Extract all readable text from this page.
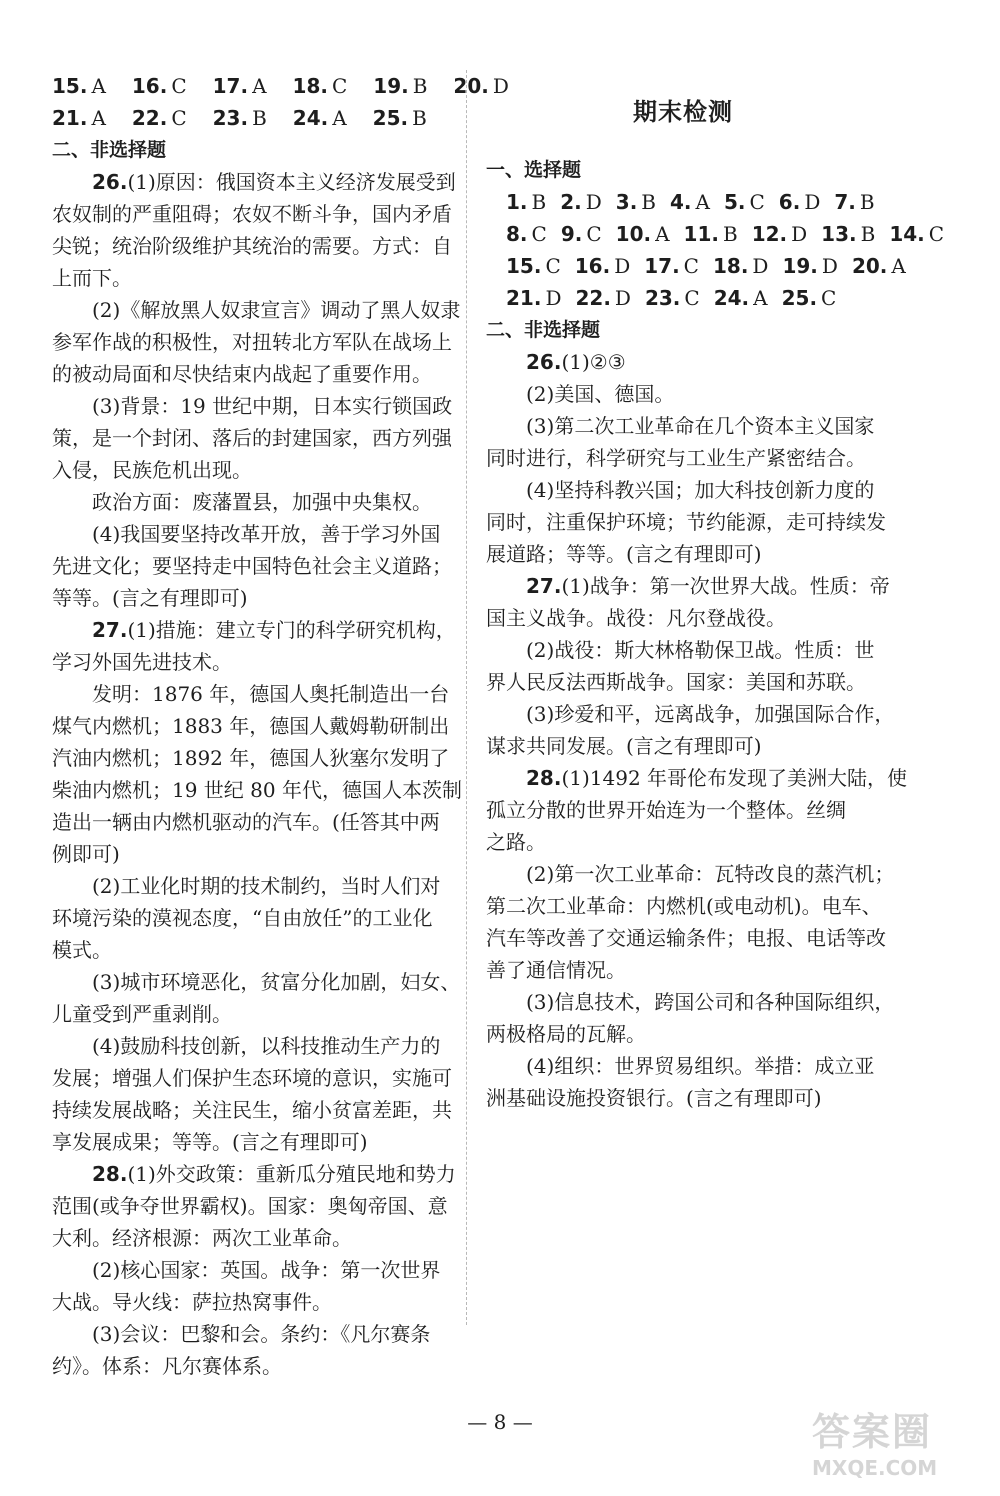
15. A 16. C 17. A 18. C 19. B 20. D
21. A 22. C 23. B 24. A 25. B
二、非选择题
26.(1)原因：俄国资本主义经济发展受到
农奴制的严重阻碍；农奴不断斗争，国内矛盾
尖锐；统治阶级维护其统治的需要。方式：自
上而下。
(2)《解放黑人奴隶宣言》调动了黑人奴隶
参军作战的积极性，对扭转北方军队在战场上
的被动局面和尽快结束内战起了重要作用。
(3)背景：19 世纪中期，日本实行锁国政
策，是一个封闭、落后的封建国家，西方列强
入侵，民族危机出现。
政治方面：废藩置县，加强中央集权。
(4)我国要坚持改革开放，善于学习外国
先进文化；要坚持走中国特色社会主义道路；
等等。(言之有理即可)
27.(1)措施：建立专门的科学研究机构，
学习外国先进技术。
发明：1876 年，德国人奥托制造出一台
煤气内燃机；1883 年，德国人戴姆勒研制出
汽油内燃机；1892 年，德国人狄塞尔发明了
柴油内燃机；19 世纪 80 年代，德国人本茨制
造出一辆由内燃机驱动的汽车。(任答其中两
例即可)
(2)工业化时期的技术制约，当时人们对
环境污染的漠视态度，“自由放任”的工业化
模式。
(3)城市环境恶化，贫富分化加剧，妇女、
儿童受到严重剥削。
(4)鼓励科技创新，以科技推动生产力的
发展；增强人们保护生态环境的意识，实施可
持续发展战略；关注民生，缩小贫富差距，共
享发展成果；等等。(言之有理即可)
28.(1)外交政策：重新瓜分殖民地和势力
范围(或争夺世界霸权)。国家：奥匈帝国、意
大利。经济根源：两次工业革命。
(2)核心国家：英国。战争：第一次世界
大战。导火线：萨拉热窝事件。
(3)会议：巴黎和会。条约：《凡尔赛条
约》。体系：凡尔赛体系。
期末检测
一、选择题
1. B 2. D 3. B 4. A 5. C 6. D 7. B
8. C 9. C 10. A 11. B 12. D 13. B 14. C
15. C 16. D 17. C 18. D 19. D 20. A
21. D 22. D 23. C 24. A 25. C
二、非选择题
26.(1)②③
(2)美国、德国。
(3)第二次工业革命在几个资本主义国家
同时进行，科学研究与工业生产紧密结合。
(4)坚持科教兴国；加大科技创新力度的
同时，注重保护环境；节约能源，走可持续发
展道路；等等。(言之有理即可)
27.(1)战争：第一次世界大战。性质：帝
国主义战争。战役：凡尔登战役。
(2)战役：斯大林格勒保卫战。性质：世
界人民反法西斯战争。国家：美国和苏联。
(3)珍爱和平，远离战争，加强国际合作，
谋求共同发展。(言之有理即可)
28.(1)1492 年哥伦布发现了美洲大陆，使
孤立分散的世界开始连为一个整体。丝绸
之路。
(2)第一次工业革命：瓦特改良的蒸汽机；
第二次工业革命：内燃机(或电动机)。电车、
汽车等改善了交通运输条件；电报、电话等改
善了通信情况。
(3)信息技术，跨国公司和各种国际组织，
两极格局的瓦解。
(4)组织：世界贸易组织。举措：成立亚
洲基础设施投资银行。(言之有理即可)
— 8 —	答案圈
MXQE.COM
